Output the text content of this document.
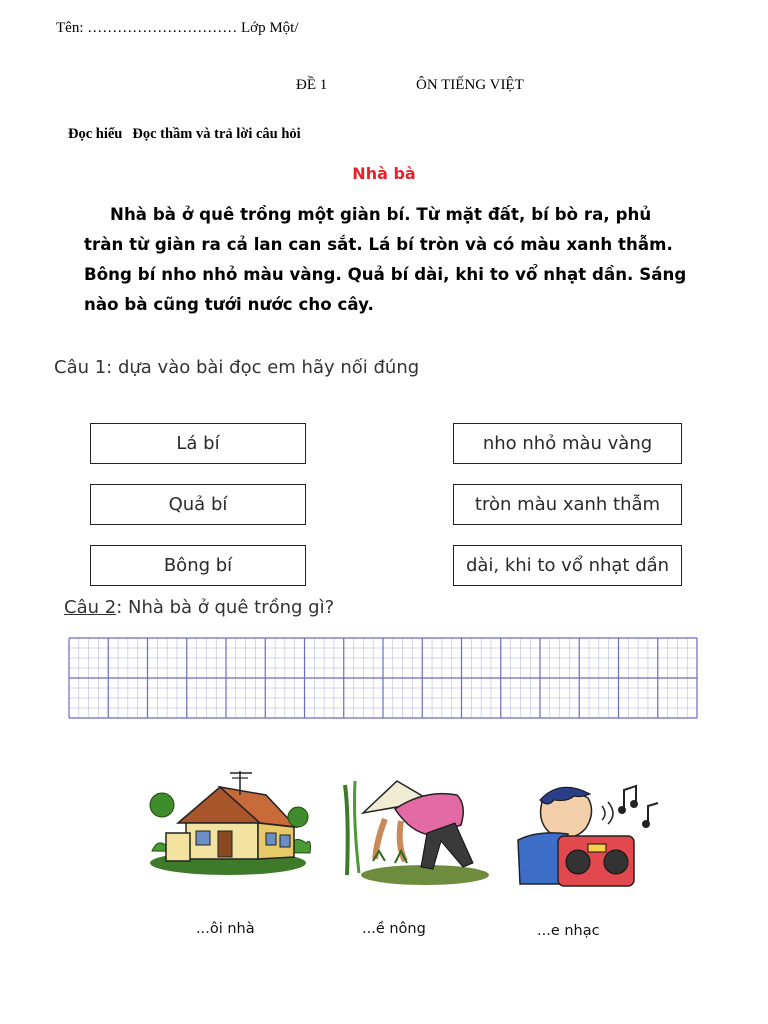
Tên: ………………………… Lớp Một/
ĐỀ 1	ÔN TIẾNG VIỆT
Đọc hiểu Đọc thầm và trả lời câu hỏi
Nhà bà
Nhà bà ở quê trồng một giàn bí. Từ mặt đất, bí bò ra, phủ tràn từ giàn ra cả lan can sắt. Lá bí tròn và có màu xanh thẫm. Bông bí nho nhỏ màu vàng. Quả bí dài, khi to vổ nhạt dần. Sáng nào bà cũng tưới nước cho cây.
Câu 1: dựa vào bài đọc em hãy nối đúng
Lá bí
Quả bí
Bông bí
nho nhỏ màu vàng
tròn màu xanh thẫm
dài, khi to vổ nhạt dần
Câu 2: Nhà bà ở quê trồng gì?
...ôi nhà	...ề nông	...e nhạc
